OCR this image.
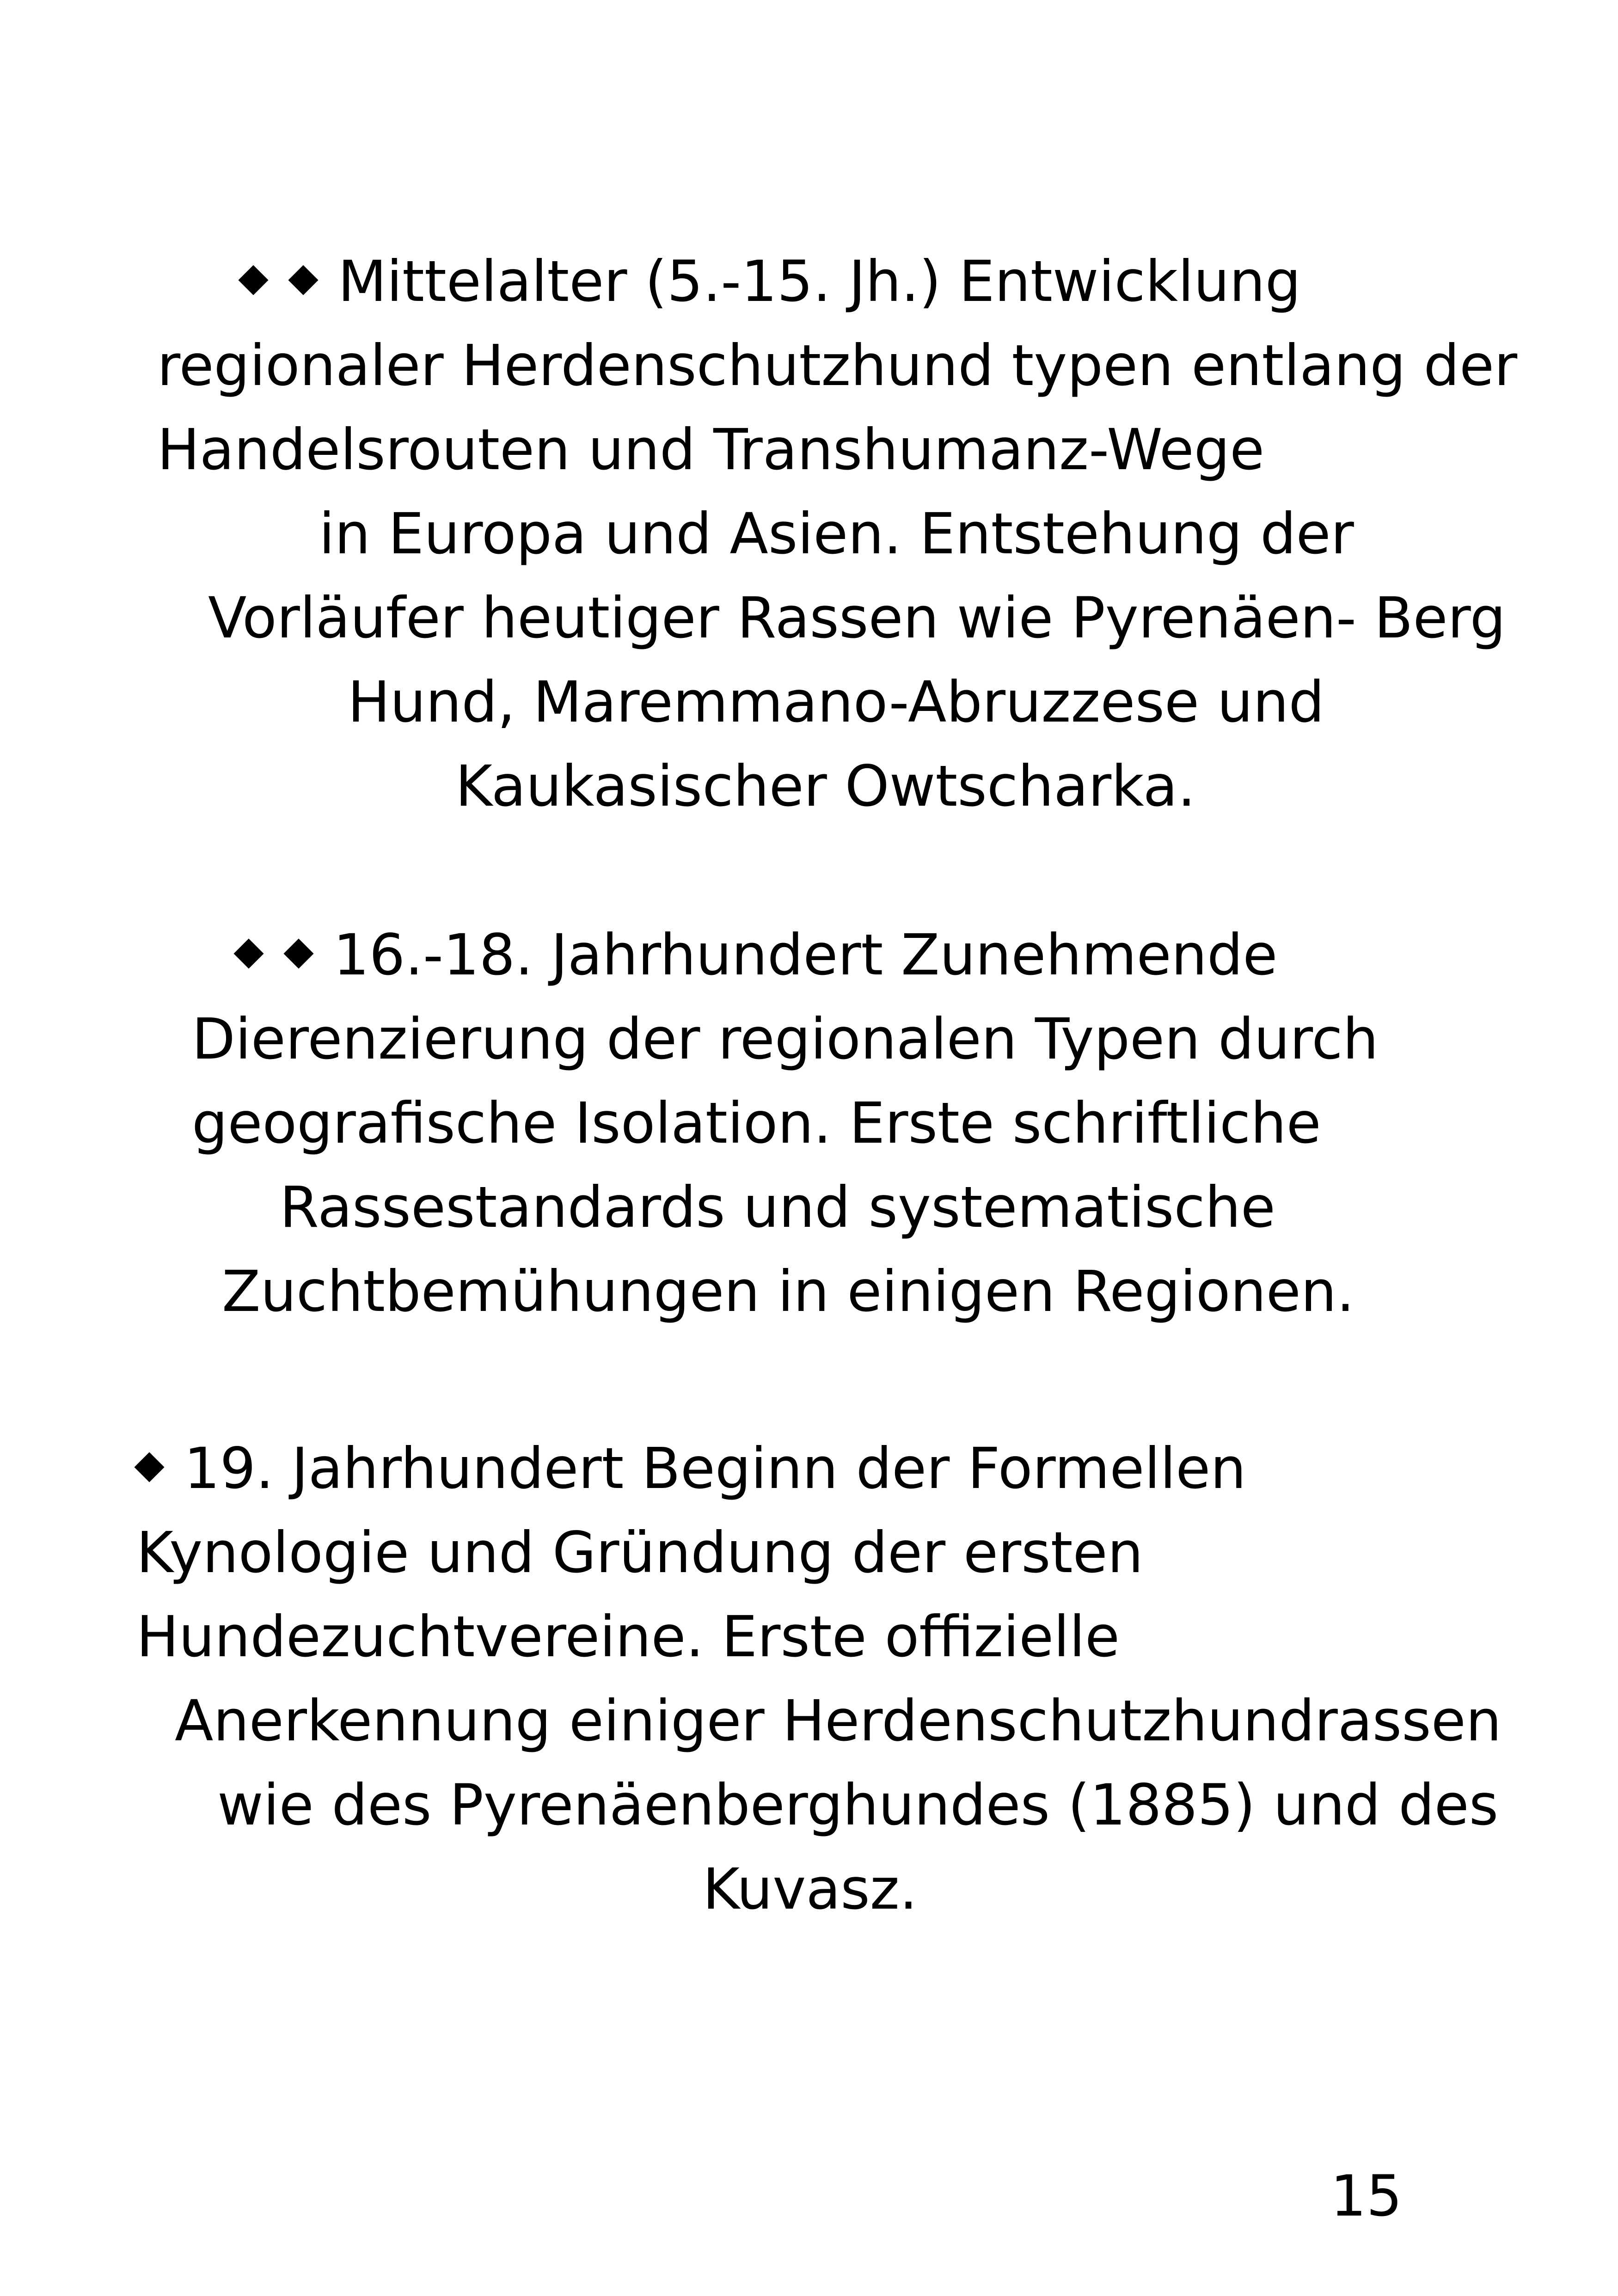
Mittelalter (5.-15. Jh.) Entwicklung
regionaler Herdenschutzhund typen entlang der
Handelsrouten und Transhumanz-Wege
in Europa und Asien. Entstehung der
Vorläufer heutiger Rassen wie Pyrenäen- Berg
Hund, Maremmano-Abruzzese und
Kaukasischer Owtscharka.
16.-18. Jahrhundert Zunehmende
Dierenzierung der regionalen Typen durch
geografische Isolation. Erste schriftliche
Rassestandards und systematische
Zuchtbemühungen in einigen Regionen.
19. Jahrhundert Beginn der Formellen
Kynologie und Gründung der ersten
Hundezuchtvereine. Erste offizielle
Anerkennung einiger Herdenschutzhundrassen
wie des Pyrenäenberghundes (1885) und des
Kuvasz.
15
